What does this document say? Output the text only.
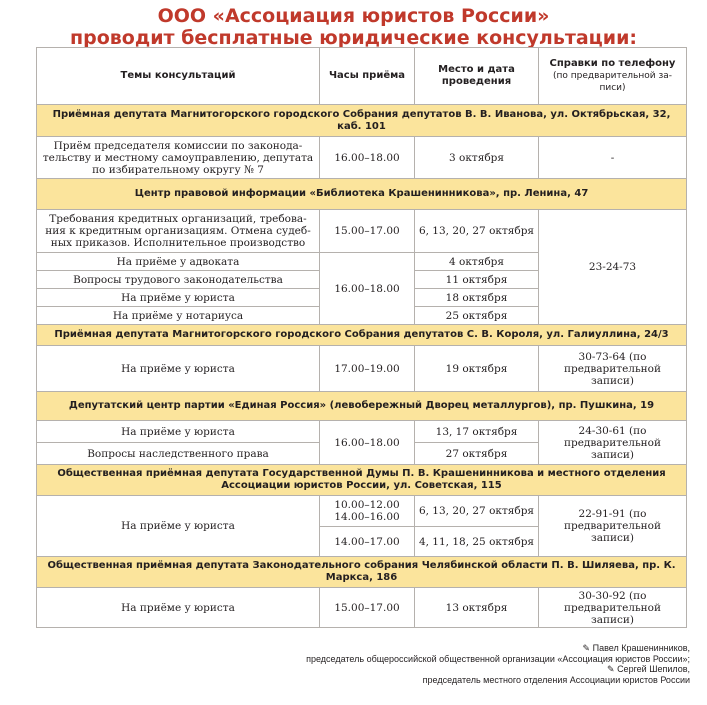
ООО «Ассоциация юристов России»
проводит бесплатные юридические консультации:
Темы консультаций	Часы приёма	Место и дата проведения	Справки по телефону
(по предварительной за-писи)

Приёмная депутата Магнитогорского городского Собрания депутатов В. В. Иванова, ул. Октябрьская, 32, каб. 101			
Приём председателя комиссии по законода-тельству и местному самоуправлению, депутата по избирательному округу № 7	16.00–18.00	3 октября	-
Центр правовой информации «Библиотека Крашенинникова», пр. Ленина, 47			
Требования кредитных организаций, требова-ния к кредитным организациям. Отмена судеб-ных приказов. Исполнительное производство	15.00–17.00	6, 13, 20, 27 октября	23-24-73
На приёме у адвоката	16.00–18.00	4 октября	
Вопросы трудового законодательства		11 октября	
На приёме у юриста		18 октября	
На приёме у нотариуса		25 октября	
Приёмная депутата Магнитогорского городского Собрания депутатов С. В. Короля, ул. Галиуллина, 24/3			
На приёме у юриста	17.00–19.00	19 октября	30-73-64 (по предварительной записи)
Депутатский центр партии «Единая Россия» (левобережный Дворец металлургов), пр. Пушкина, 19			
На приёме у юриста	16.00–18.00	13, 17 октября	24-30-61 (по предварительной записи)
Вопросы наследственного права		27 октября	
Общественная приёмная депутата Государственной Думы П. В. Крашенинникова и местного отделения Ассоциации юристов России, ул. Советская, 115			
На приёме у юриста	10.00–12.00 14.00–16.00	6, 13, 20, 27 октября	22-91-91 (по предварительной записи)
	14.00–17.00	4, 11, 18, 25 октября	
Общественная приёмная депутата Законодательного собрания Челябинской области П. В. Шиляева, пр. К. Маркса, 186			
На приёме у юриста	15.00–17.00	13 октября	30-30-92 (по предварительной записи)
✎ Павел Крашенинников,
председатель общероссийской общественной организации «Ассоциация юристов России»;
✎ Сергей Шепилов,
председатель местного отделения Ассоциации юристов России
